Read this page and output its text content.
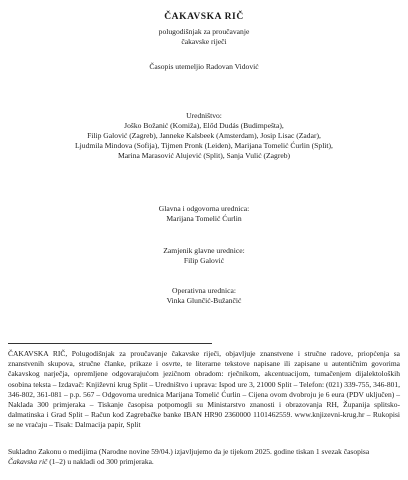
ČAKAVSKA RIČ
polugodišnjak za proučavanje
čakavske riječi
Časopis utemeljio Radovan Vidović
Uredništvo:
Joško Božanić (Komiža), Előd Dudás (Budimpešta),
Filip Galović (Zagreb), Janneke Kalsbeek (Amsterdam), Josip Lisac (Zadar),
Ljudmila Mindova (Sofija), Tijmen Pronk (Leiden), Marijana Tomelić Ćurlin (Split),
Marina Marasović Alujević (Split), Sanja Vulić (Zagreb)
Glavna i odgovorna urednica:
Marijana Tomelić Ćurlin
Zamjenik glavne urednice:
Filip Galović
Operativna urednica:
Vinka Glunčić-Bužančić
ČAKAVSKA RIČ, Polugodišnjak za proučavanje čakavske riječi, objavljuje znanstvene i stručne radove, priopćenja sa znanstvenih skupova, stručne članke, prikaze i osvrte, te literarne tekstove napisane ili zapisane u autentičnim govorima čakavskog narječja, opremljene odgovarajućom jezičnom obradom: rječnikom, akcentuacijom, tumačenjem dijalektoloških osobina teksta – Izdavač: Književni krug Split – Uredništvo i uprava: Ispod ure 3, 21000 Split – Telefon: (021) 339-755, 346-801, 346-802, 361-081 – p.p. 567 – Odgovorna urednica Marijana Tomelić Ćurlin – Cijena ovom dvobroju je 6 eura (PDV uključen) – Naklada 300 primjeraka – Tiskanje časopisa potpomogli su Ministarstvo znanosti i obrazovanja RH, Županija splitsko-dalmatinska i Grad Split – Račun kod Zagrebačke banke IBAN HR90 2360000 1101462559. www.knjizevni-krug.hr – Rukopisi se ne vraćaju – Tisak: Dalmacija papir, Split
Sukladno Zakonu o medijima (Narodne novine 59/04.) izjavljujemo da je tijekom 2025. godine tiskan 1 svezak časopisa Čakavska rič (1–2) u nakladi od 300 primjeraka.
